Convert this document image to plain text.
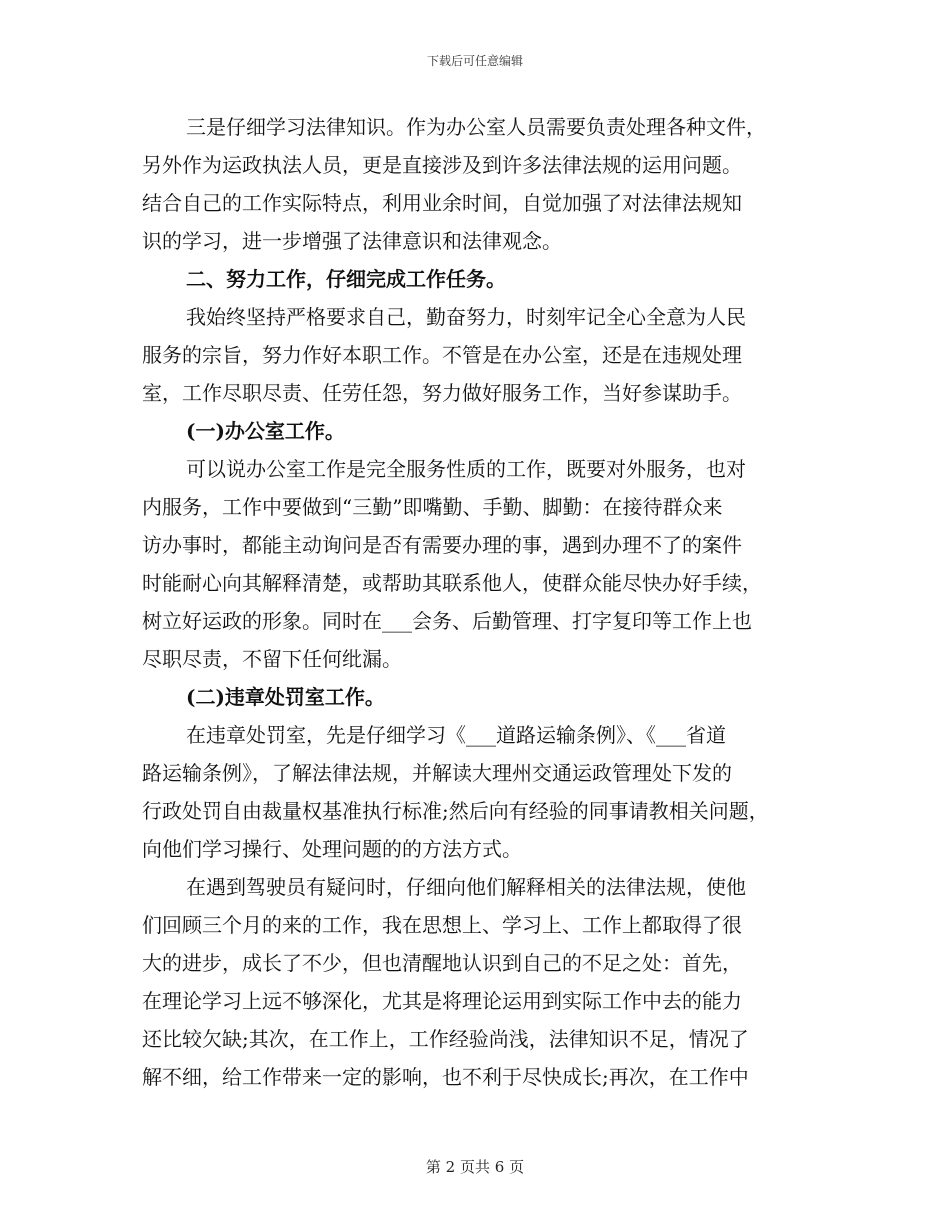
下载后可任意编辑
三是仔细学习法律知识。作为办公室人员需要负责处理各种文件，
另外作为运政执法人员，更是直接涉及到许多法律法规的运用问题。
结合自己的工作实际特点，利用业余时间，自觉加强了对法律法规知
识的学习，进一步增强了法律意识和法律观念。
二、努力工作，仔细完成工作任务。
我始终坚持严格要求自己，勤奋努力，时刻牢记全心全意为人民
服务的宗旨，努力作好本职工作。不管是在办公室，还是在违规处理
室，工作尽职尽责、任劳任怨，努力做好服务工作，当好参谋助手。
(一)办公室工作。
可以说办公室工作是完全服务性质的工作，既要对外服务，也对
内服务，工作中要做到“三勤”即嘴勤、手勤、脚勤：在接待群众来
访办事时，都能主动询问是否有需要办理的事，遇到办理不了的案件
时能耐心向其解释清楚，或帮助其联系他人，使群众能尽快办好手续，
树立好运政的形象。同时在___会务、后勤管理、打字复印等工作上也
尽职尽责，不留下任何纰漏。
(二)违章处罚室工作。
在违章处罚室，先是仔细学习《___道路运输条例》、《___省道
路运输条例》，了解法律法规，并解读大理州交通运政管理处下发的
行政处罚自由裁量权基准执行标准;然后向有经验的同事请教相关问题，
向他们学习操行、处理问题的的方法方式。
在遇到驾驶员有疑问时，仔细向他们解释相关的法律法规，使他
们回顾三个月的来的工作，我在思想上、学习上、工作上都取得了很
大的进步，成长了不少，但也清醒地认识到自己的不足之处：首先，
在理论学习上远不够深化，尤其是将理论运用到实际工作中去的能力
还比较欠缺;其次，在工作上，工作经验尚浅，法律知识不足，情况了
解不细，给工作带来一定的影响，也不利于尽快成长;再次，在工作中
第 2 页共 6 页
